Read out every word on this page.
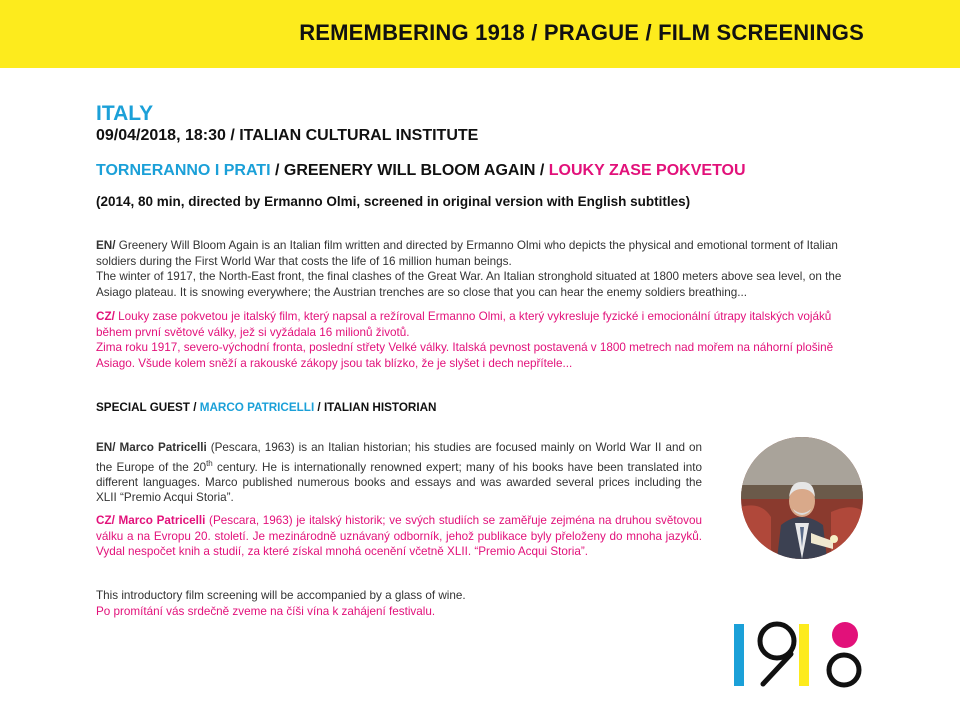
REMEMBERING 1918 / PRAGUE / FILM SCREENINGS
ITALY
09/04/2018, 18:30 / ITALIAN CULTURAL INSTITUTE
TORNERANNO I PRATI / GREENERY WILL BLOOM AGAIN / LOUKY ZASE POKVETOU
(2014, 80 min, directed by Ermanno Olmi, screened in original version with English subtitles)

EN/ Greenery Will Bloom Again is an Italian film written and directed by Ermanno Olmi who depicts the physical and emotional torment of Italian soldiers during the First World War that costs the life of 16 million human beings.
The winter of 1917, the North-East front, the final clashes of the Great War. An Italian stronghold situated at 1800 meters above sea level, on the Asiago plateau. It is snowing everywhere; the Austrian trenches are so close that you can hear the enemy soldiers breathing...

CZ/ Louky zase pokvetou je italský film, který napsal a režíroval Ermanno Olmi, a který vykresluje fyzické i emocionální útrapy italských vojáků během první světové války, jež si vyžádala 16 milionů životů.
Zima roku 1917, severo-východní fronta, poslední střety Velké války. Italská pevnost postavená v 1800 metrech nad mořem na náhorní plošině Asiago. Všude kolem sněží a rakouské zákopy jsou tak blízko, že je slyšet i dech nepřítele...

SPECIAL GUEST / MARCO PATRICELLI / ITALIAN HISTORIAN

EN/ Marco Patricelli (Pescara, 1963) is an Italian historian; his studies are focused mainly on World War II and on the Europe of the 20th century. He is internationally renowned expert; many of his books have been translated into different languages. Marco published numerous books and essays and was awarded several prices including the XLII “Premio Acqui Storia”.

CZ/ Marco Patricelli (Pescara, 1963) je italský historik; ve svých studiích se zaměřuje zejména na druhou světovou válku a na Evropu 20. století. Je mezinárodně uznávaný odborník, jehož publikace byly přeloženy do mnoha jazyků. Vydal nespočet knih a studií, za které získal mnohá ocenění včetně XLII. “Premio Acqui Storia”.

This introductory film screening will be accompanied by a glass of wine.
Po promítání vás srdečně zveme na číši vína k zahájení festivalu.
